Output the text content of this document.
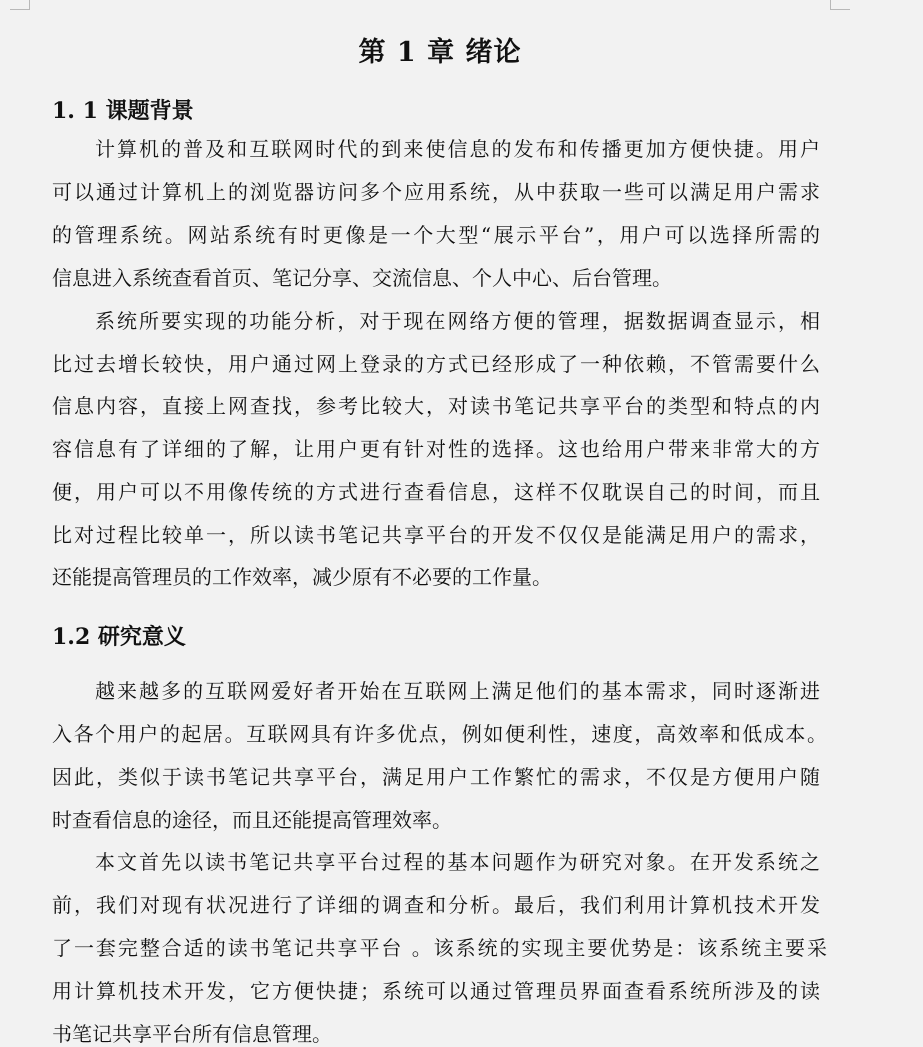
第 1 章 绪论
1. 1 课题背景
计算机的普及和互联网时代的到来使信息的发布和传播更加方便快捷。用户
可以通过计算机上的浏览器访问多个应用系统，从中获取一些可以满足用户需求
的管理系统。网站系统有时更像是一个大型“展示平台”，用户可以选择所需的
信息进入系统查看首页、笔记分享、交流信息、个人中心、后台管理。
系统所要实现的功能分析，对于现在网络方便的管理，据数据调查显示，相
比过去增长较快，用户通过网上登录的方式已经形成了一种依赖，不管需要什么
信息内容，直接上网查找，参考比较大，对读书笔记共享平台的类型和特点的内
容信息有了详细的了解，让用户更有针对性的选择。这也给用户带来非常大的方
便，用户可以不用像传统的方式进行查看信息，这样不仅耽误自己的时间，而且
比对过程比较单一，所以读书笔记共享平台的开发不仅仅是能满足用户的需求，
还能提高管理员的工作效率，减少原有不必要的工作量。
1.2 研究意义
越来越多的互联网爱好者开始在互联网上满足他们的基本需求，同时逐渐进
入各个用户的起居。互联网具有许多优点，例如便利性，速度，高效率和低成本。
因此，类似于读书笔记共享平台，满足用户工作繁忙的需求，不仅是方便用户随
时查看信息的途径，而且还能提高管理效率。
本文首先以读书笔记共享平台过程的基本问题作为研究对象。在开发系统之
前，我们对现有状况进行了详细的调查和分析。最后，我们利用计算机技术开发
了一套完整合适的读书笔记共享平台 。该系统的实现主要优势是：该系统主要采
用计算机技术开发，它方便快捷；系统可以通过管理员界面查看系统所涉及的读
书笔记共享平台所有信息管理。
